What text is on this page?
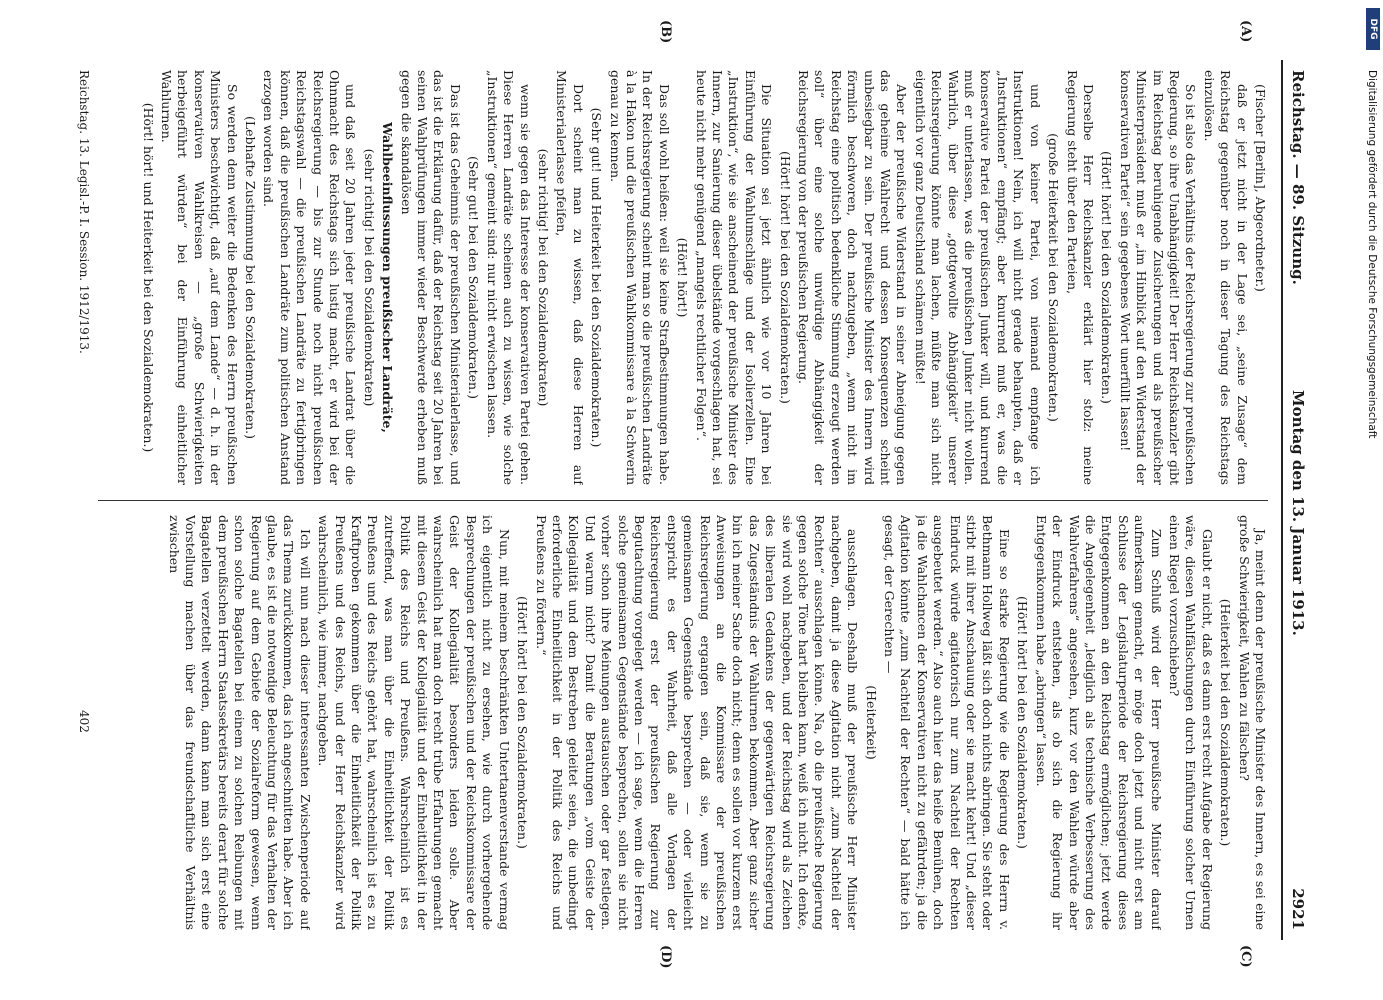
Reichstag. — 89. Sitzung.
Montag den 13. Januar 1913.
2921
(A)
(B)
(C)
(D)

(Fischer [Berlin], Abgeordneter.)

daß er jetzt nicht in der Lage sei, „seine Zusage“ dem Reichstag gegenüber noch in dieser Tagung des Reichstags einzulösen.

So ist also das Verhältnis der Reichsregierung zur preußischen Regierung, so ihre Unabhängigkeit! Der Herr Reichskanzler gibt im Reichstag beruhigende Zusicherungen und als preußischer Ministerpräsident muß er „im Hinblick auf den Widerstand der konservativen Partei“ sein gegebenes Wort unerfüllt lassen!

(Hört! hört! bei den Sozialdemokraten.)

Derselbe Herr Reichskanzler erklärt hier stolz: meine Regierung steht über den Parteien,

(große Heiterkeit bei den Sozialdemokraten.)

und von keiner Partei, von niemand empfange ich Instruktionen! Nein, ich will nicht gerade behaupten, daß er „Instruktionen“ empfängt; aber knurrend muß er, was die konservative Partei der preußischen Junker will, und knurrend muß er unterlassen, was die preußischen Junker nicht wollen. Wahrlich, über diese „gottgewollte Abhängigkeit“ unserer Reichsregierung könnte man lachen, müßte man sich nicht eigentlich vor ganz Deutschland schämen müßte!

Aber der preußische Widerstand in seiner Abneigung gegen das geheime Wahlrecht und dessen Konsequenzen scheint unbesiegbar zu sein. Der preußische Minister des Innern wird förmlich beschworen, doch nachzugeben, „wenn nicht im Reichstag eine politisch bedenkliche Stimmung erzeugt werden soll“ über eine solche unwürdige Abhängigkeit der Reichsregierung von der preußischen Regierung.

(Hört! hört! bei den Sozialdemokraten.)

Die Situation sei jetzt ähnlich wie vor 10 Jahren bei Einführung der Wahlumschläge und der Isolierzellen. Eine „Instruktion“, wie sie anscheinend der preußische Minister des Innern, zur Sanierung dieser übelstände vorgeschlagen hat, sei heute nicht mehr genügend „mangels rechtlicher Folgen“.

(Hört! hört!)

Das soll wohl heißen: weil sie keine Strafbestimmungen habe. In der Reichsregierung scheint man so die preußischen Landräte à la Hakon und die preußischen Wahlkommissare à la Schwerin genau zu kennen.

(Sehr gut! und Heiterkeit bei den Sozialdemokraten.)

Dort scheint man zu wissen, daß diese Herren auf Ministerialerlasse pfeifen,

(sehr richtig! bei den Sozialdemokraten)

wenn sie gegen das Interesse der konservativen Partei gehen. Diese Herren Landräte scheinen auch zu wissen, wie solche „Instruktionen“ gemeint sind: nur nicht erwischen lassen.

(Sehr gut! bei den Sozialdemokraten.)

Das ist das Geheimnis der preußischen Ministerialerlasse, und das ist die Erklärung dafür, daß der Reichstag seit 20 Jahren bei seinen Wahlprüfungen immer wieder Beschwerde erheben muß gegen die skandalösen

Wahlbeeinflussungen preußischer Landräte,

(sehr richtig! bei den Sozialdemokraten)

und daß seit 20 Jahren jeder preußische Landrat über die Ohnmacht des Reichstags sich lustig macht, er wird bei der Reichsregierung — bis zur Stunde noch nicht preußischen Reichstagswahl — die preußischen Landräte zu fertigbringen können, daß die preußischen Landräte zum politischen Anstand erzogen worden sind.

(Lebhafte Zustimmung bei den Sozialdemokraten.)

So werden denn weiter die Bedenken des Herrn preußischen Ministers beschwichtigt, daß „auf dem Lande“ — d. h. in der konservativen Wahlkreisen — „große Schwierigkeiten herbeigeführt würden“ bei der Einführung einheitlicher Wahlurnen.

(Hört! hört! und Heiterkeit bei den Sozialdemokraten.)

Ja, meint denn der preußische Minister des Innern, es sei eine große Schwierigkeit, Wahlen zu fälschen?

(Heiterkeit bei den Sozialdemokraten.)

Glaubt er nicht, daß es dann erst recht Aufgabe der Regierung wäre, diesen Wahlfälschungen durch Einführung solcher Urnen einen Riegel vorzuschieben?

Zum Schluß wird der Herr preußische Minister darauf aufmerksam gemacht, er möge doch jetzt und nicht erst am Schlusse der Legislaturperiode der Reichsregierung dieses Entgegenkommen an den Reichstag ermöglichen; jetzt werde die Angelegenheit „lediglich als technische Verbesserung des Wahlverfahrens“ angesehen, kurz vor den Wahlen würde aber der Eindruck entstehen, als ob sich die Regierung ihr Entgegenkommen habe „abringen“ lassen.

(Hört! hört! bei den Sozialdemokraten.)

Eine so starke Regierung wie die Regierung des Herrn v. Bethmann Hollweg läßt sich doch nichts abringen. Sie steht oder stirbt mit ihrer Anschauung oder sie macht kehrt! Und „dieser Eindruck würde agitatorisch nur zum Nachteil der Rechten ausgebeutet werden.“ Also auch hier das heiße Bemühen, doch ja die Wahlchancen der Konservativen nicht zu gefährden; ja die Agitation könnte „zum Nachteil der Rechten“ — bald hätte ich gesagt, der Gerechten —

(Heiterkeit)

ausschlagen. Deshalb muß der preußische Herr Minister nachgeben, damit ja diese Agitation nicht „zum Nachteil der Rechten“ ausschlagen könne. Na, ob die preußische Regierung gegen solche Töne hart bleiben kann, weiß ich nicht. Ich denke, sie wird wohl nachgeben, und der Reichstag wird als Zeichen des liberalen Gedankens der gegenwärtigen Reichsregierung das Zugeständnis der Wahlurnen bekommen. Aber ganz sicher bin ich meiner Sache doch nicht; denn es sollen vor kurzem erst Anweisungen an die Kommissare der preußischen Reichsregierung ergangen sein, daß sie, wenn sie zu gemeinsamen Gegenstände besprechen — oder vielleicht entspricht es der Wahrheit, daß alle Vorlagen der Reichsregierung erst der preußischen Regierung zur Begutachtung vorgelegt werden — ich sage, wenn die Herren solche gemeinsamen Gegenstände besprechen, sollen sie nicht vorher schon ihre Meinungen austauschen oder gar festlegen. Und warum nicht? Damit die Beratungen „vom Geiste der Kollegialität und dem Bestreben geleitet seien, die unbedingt erforderliche Einheitlichkeit in der Politik des Reichs und Preußens zu fördern.“

(Hört! hört! bei den Sozialdemokraten.)

Nun, mit meinem beschränkten Untertanenverstande vermag ich eigentlich nicht zu ersehen, wie durch vorhergehende Besprechungen der preußischen und der Reichskommissare der Geist der Kollegialität besonders leiden solle. Aber wahrscheinlich hat man doch recht trübe Erfahrungen gemacht mit diesem Geist der Kollegialität und der Einheitlichkeit in der Politik des Reichs und Preußens. Wahrscheinlich ist es zutreffend, was man über die Einheitlichkeit der Politik Preußens und des Reichs gehört hat, wahrscheinlich ist es zu Kraftproben gekommen über die Einheitlichkeit der Politik Preußens und des Reichs, und der Herr Reichskanzler wird wahrscheinlich, wie immer, nachgeben.

Ich will nun nach dieser interessanten Zwischenperiode auf das Thema zurückkommen, das ich angeschnitten habe. Aber ich glaube, es ist die notwendige Beleuchtung für das Verhalten der Regierung auf dem Gebiete der Sozialreform gewesen, wenn schon solche Bagatellen bei einem zu solchen Reibungen mit dem preußischen Herrn Staatssekretärs bereits derart für solche Bagatellen verzettelt werden, dann kann man sich erst eine Vorstellung machen über das freundschaftliche Verhältnis zwischen

Reichstag. 13. Legisl.-P. I. Session. 1912/1913.
402
Digitalisierung gefördert durch die Deutsche Forschungsgemeinschaft
DFG
